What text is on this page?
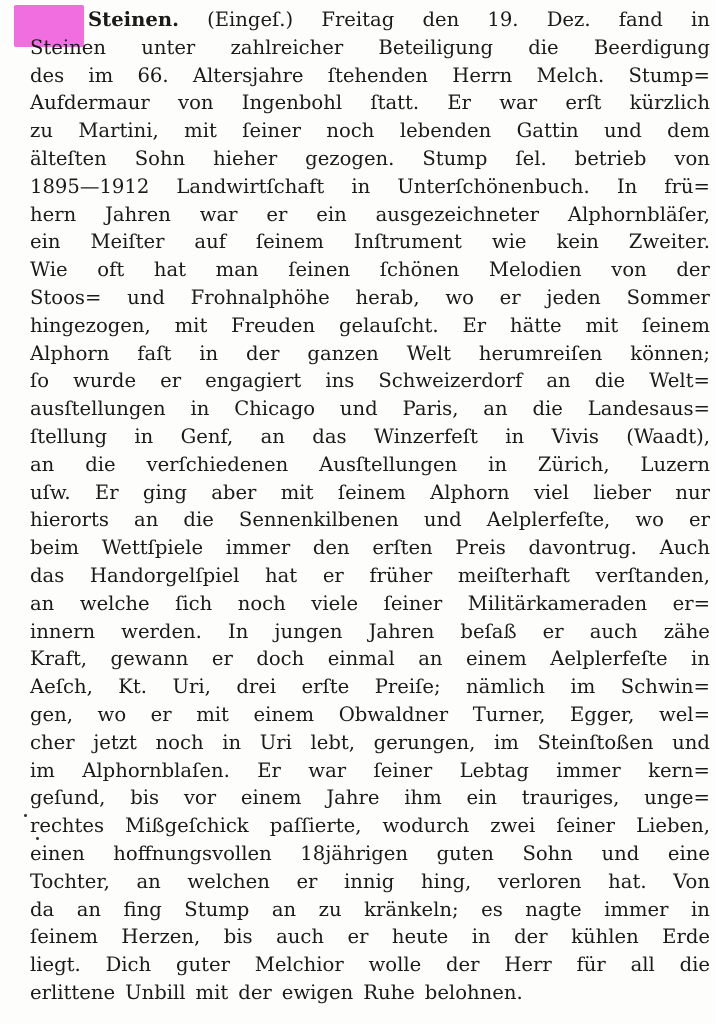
Steinen. (Eingeſ.) Freitag den 19. Dez. fand in
Steinen unter zahlreicher Beteiligung die Beerdigung
des im 66. Altersjahre ſtehenden Herrn Melch. Stump=
Aufdermaur von Ingenbohl ſtatt. Er war erſt kürzlich
zu Martini, mit ſeiner noch lebenden Gattin und dem
älteſten Sohn hieher gezogen. Stump ſel. betrieb von
1895—1912 Landwirtſchaft in Unterſchönenbuch. In frü=
hern Jahren war er ein ausgezeichneter Alphornbläſer,
ein Meiſter auf ſeinem Inſtrument wie kein Zweiter.
Wie oft hat man ſeinen ſchönen Melodien von der
Stoos= und Frohnalphöhe herab, wo er jeden Sommer
hingezogen, mit Freuden gelauſcht. Er hätte mit ſeinem
Alphorn faſt in der ganzen Welt herumreiſen können;
ſo wurde er engagiert ins Schweizerdorf an die Welt=
ausſtellungen in Chicago und Paris, an die Landesaus=
ſtellung in Genf, an das Winzerfeſt in Vivis (Waadt),
an die verſchiedenen Ausſtellungen in Zürich, Luzern
uſw. Er ging aber mit ſeinem Alphorn viel lieber nur
hierorts an die Sennenkilbenen und Aelplerfeſte, wo er
beim Wettſpiele immer den erſten Preis davontrug. Auch
das Handorgelſpiel hat er früher meiſterhaft verſtanden,
an welche ſich noch viele ſeiner Militärkameraden er=
innern werden. In jungen Jahren beſaß er auch zähe
Kraft, gewann er doch einmal an einem Aelplerfeſte in
Aeſch, Kt. Uri, drei erſte Preiſe; nämlich im Schwin=
gen, wo er mit einem Obwaldner Turner, Egger, wel=
cher jetzt noch in Uri lebt, gerungen, im Steinſtoßen und
im Alphornblaſen. Er war ſeiner Lebtag immer kern=
geſund, bis vor einem Jahre ihm ein trauriges, unge=
rechtes Mißgeſchick paſſierte, wodurch zwei ſeiner Lieben,
einen hoffnungsvollen 18jährigen guten Sohn und eine
Tochter, an welchen er innig hing, verloren hat. Von
da an fing Stump an zu kränkeln; es nagte immer in
ſeinem Herzen, bis auch er heute in der kühlen Erde
liegt. Dich guter Melchior wolle der Herr für all die
erlittene Unbill mit der ewigen Ruhe belohnen.
